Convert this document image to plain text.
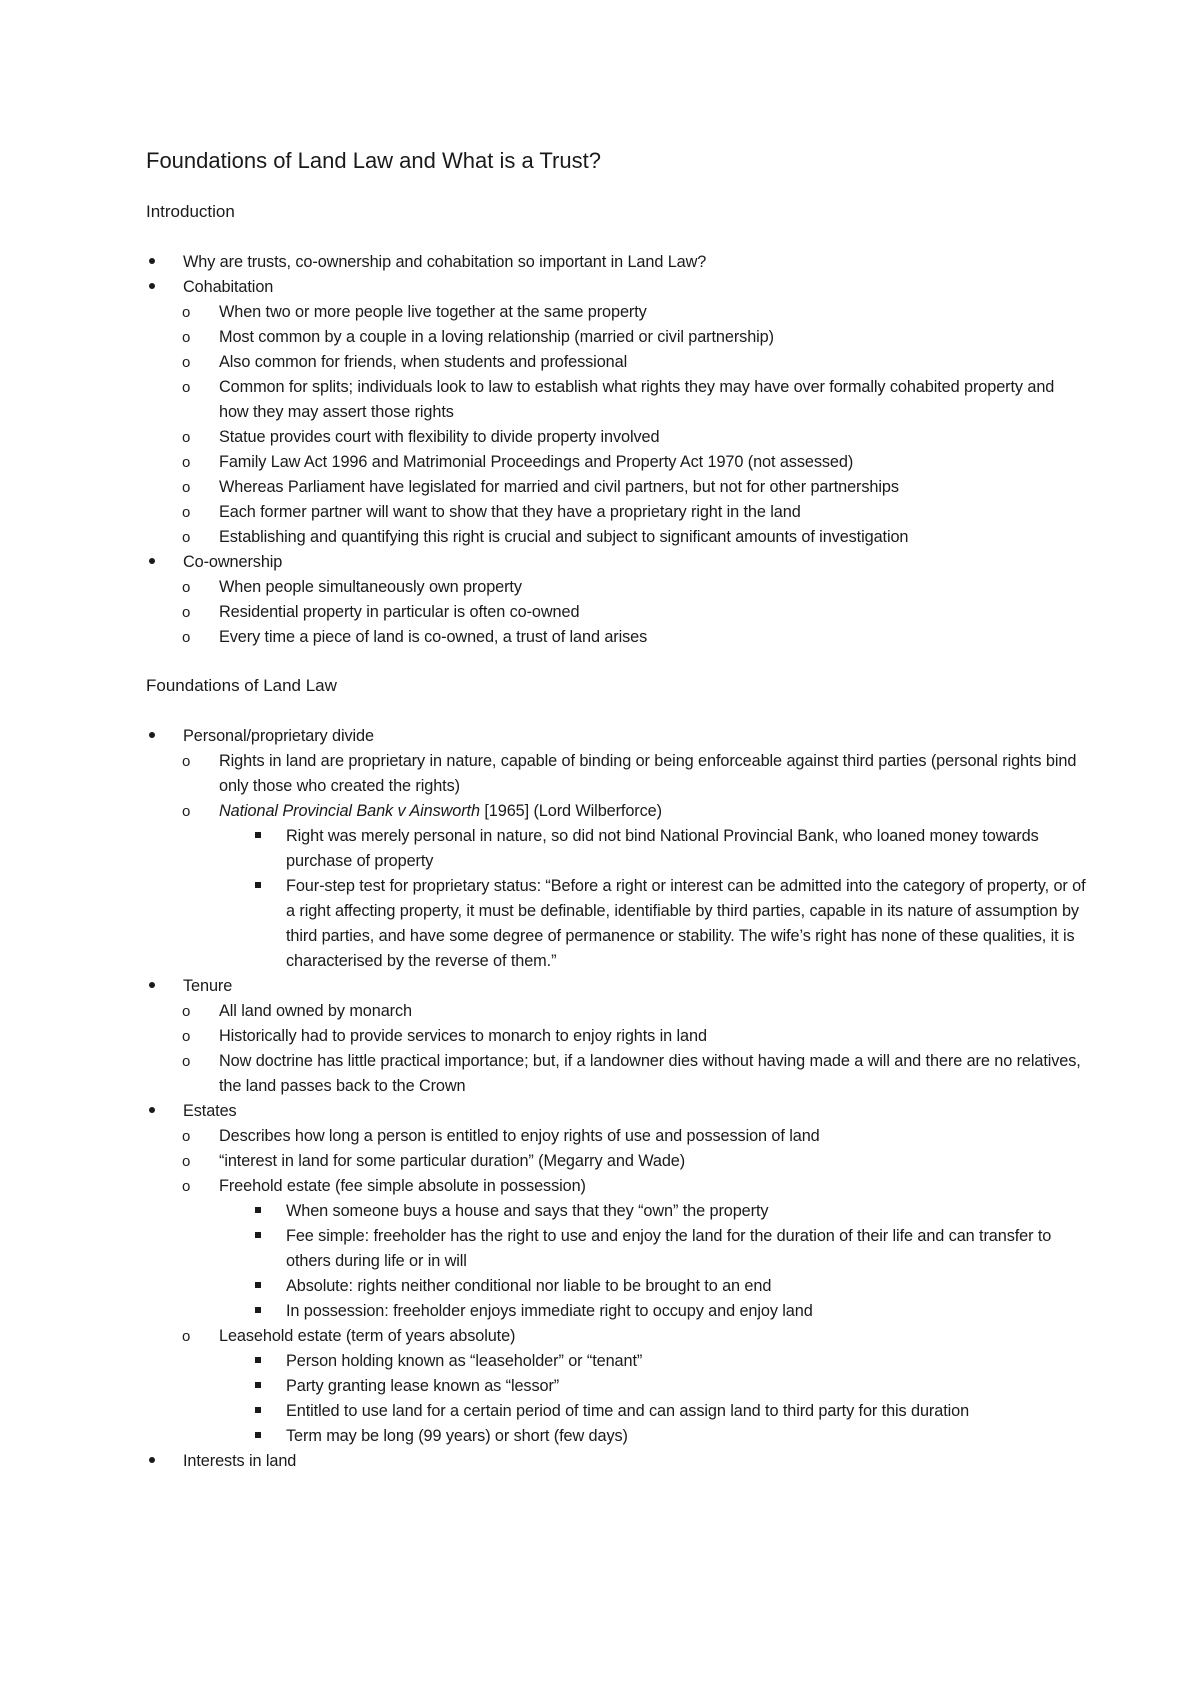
Foundations of Land Law and What is a Trust?
Introduction
Why are trusts, co-ownership and cohabitation so important in Land Law?
Cohabitation
o When two or more people live together at the same property
o Most common by a couple in a loving relationship (married or civil partnership)
o Also common for friends, when students and professional
o Common for splits; individuals look to law to establish what rights they may have over formally cohabited property and how they may assert those rights
o Statue provides court with flexibility to divide property involved
o Family Law Act 1996 and Matrimonial Proceedings and Property Act 1970 (not assessed)
o Whereas Parliament have legislated for married and civil partners, but not for other partnerships
o Each former partner will want to show that they have a proprietary right in the land
o Establishing and quantifying this right is crucial and subject to significant amounts of investigation
Co-ownership
o When people simultaneously own property
o Residential property in particular is often co-owned
o Every time a piece of land is co-owned, a trust of land arises
Foundations of Land Law
Personal/proprietary divide
o Rights in land are proprietary in nature, capable of binding or being enforceable against third parties (personal rights bind only those who created the rights)
o National Provincial Bank v Ainsworth [1965] (Lord Wilberforce)
Right was merely personal in nature, so did not bind National Provincial Bank, who loaned money towards purchase of property
Four-step test for proprietary status: “Before a right or interest can be admitted into the category of property, or of a right affecting property, it must be definable, identifiable by third parties, capable in its nature of assumption by third parties, and have some degree of permanence or stability. The wife’s right has none of these qualities, it is characterised by the reverse of them.”
Tenure
o All land owned by monarch
o Historically had to provide services to monarch to enjoy rights in land
o Now doctrine has little practical importance; but, if a landowner dies without having made a will and there are no relatives, the land passes back to the Crown
Estates
o Describes how long a person is entitled to enjoy rights of use and possession of land
o “interest in land for some particular duration” (Megarry and Wade)
o Freehold estate (fee simple absolute in possession)
When someone buys a house and says that they “own” the property
Fee simple: freeholder has the right to use and enjoy the land for the duration of their life and can transfer to others during life or in will
Absolute: rights neither conditional nor liable to be brought to an end
In possession: freeholder enjoys immediate right to occupy and enjoy land
o Leasehold estate (term of years absolute)
Person holding known as “leaseholder” or “tenant”
Party granting lease known as “lessor”
Entitled to use land for a certain period of time and can assign land to third party for this duration
Term may be long (99 years) or short (few days)
Interests in land
